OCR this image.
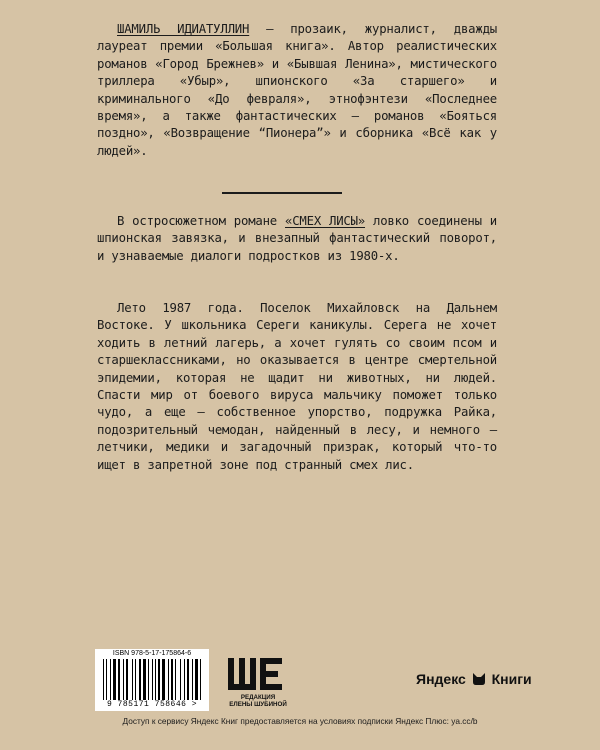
ШАМИЛЬ ИДИАТУЛЛИН — прозаик, журналист, дважды лауреат премии «Большая книга». Автор реалистических романов «Город Брежнев» и «Бывшая Ленина», мистического триллера «Убыр», шпионского «За старшего» и криминального «До февраля», этнофэнтези «Последнее время», а также фантастических — романов «Бояться поздно», «Возвращение “Пионера”» и сборника «Всё как у людей».

В остросюжетном романе «СМЕХ ЛИСЫ» ловко соединены и шпионская завязка, и внезапный фантастический поворот, и узнаваемые диалоги подростков из 1980-х.

Лето 1987 года. Поселок Михайловск на Дальнем Востоке. У школьника Сереги каникулы. Серега не хочет ходить в летний лагерь, а хочет гулять со своим псом и старшеклассниками, но оказывается в центре смертельной эпидемии, которая не щадит ни животных, ни людей. Спасти мир от боевого вируса мальчику поможет только чудо, а еще — собственное упорство, подружка Райка, подозрительный чемодан, найденный в лесу, и немного — летчики, медики и загадочный призрак, который что-то ищет в запретной зоне под странный смех лис.

ISBN 978-5-17-175864-6
9 785171 758646 >
РЕДАКЦИЯ
ЕЛЕНЫ ШУБИНОЙ
Яндекс Книги
Доступ к сервису Яндекс Книг предоставляется на условиях подписки Яндекс Плюс: ya.cc/b
